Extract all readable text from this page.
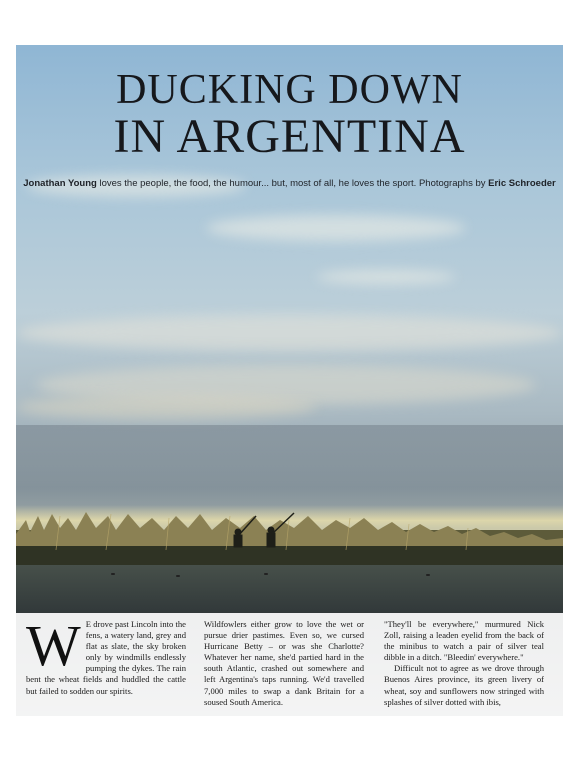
DUCKING DOWN
IN ARGENTINA
Jonathan Young loves the people, the food, the humour... but, most of all, he loves the sport. Photographs by Eric Schroeder
W E drove past Lincoln into the fens, a watery land, grey and flat as slate, the sky broken only by windmills endlessly pumping the dykes. The rain bent the wheat fields and huddled the cattle but failed to sodden our spirits.

Wildfowlers either grow to love the wet or pursue drier pastimes. Even so, we cursed Hurricane Betty – or was she Charlotte? Whatever her name, she'd partied hard in the south Atlantic, crashed out somewhere and left Argentina's taps running. We'd travelled 7,000 miles to swap a dank Britain for a soused South America.

"They'll be everywhere," murmured Nick Zoll, raising a leaden eyelid from the back of the minibus to watch a pair of silver teal dibble in a ditch. "Bleedin' everywhere."

Difficult not to agree as we drove through Buenos Aires province, its green livery of wheat, soy and sunflowers now stringed with splashes of silver dotted with ibis,
